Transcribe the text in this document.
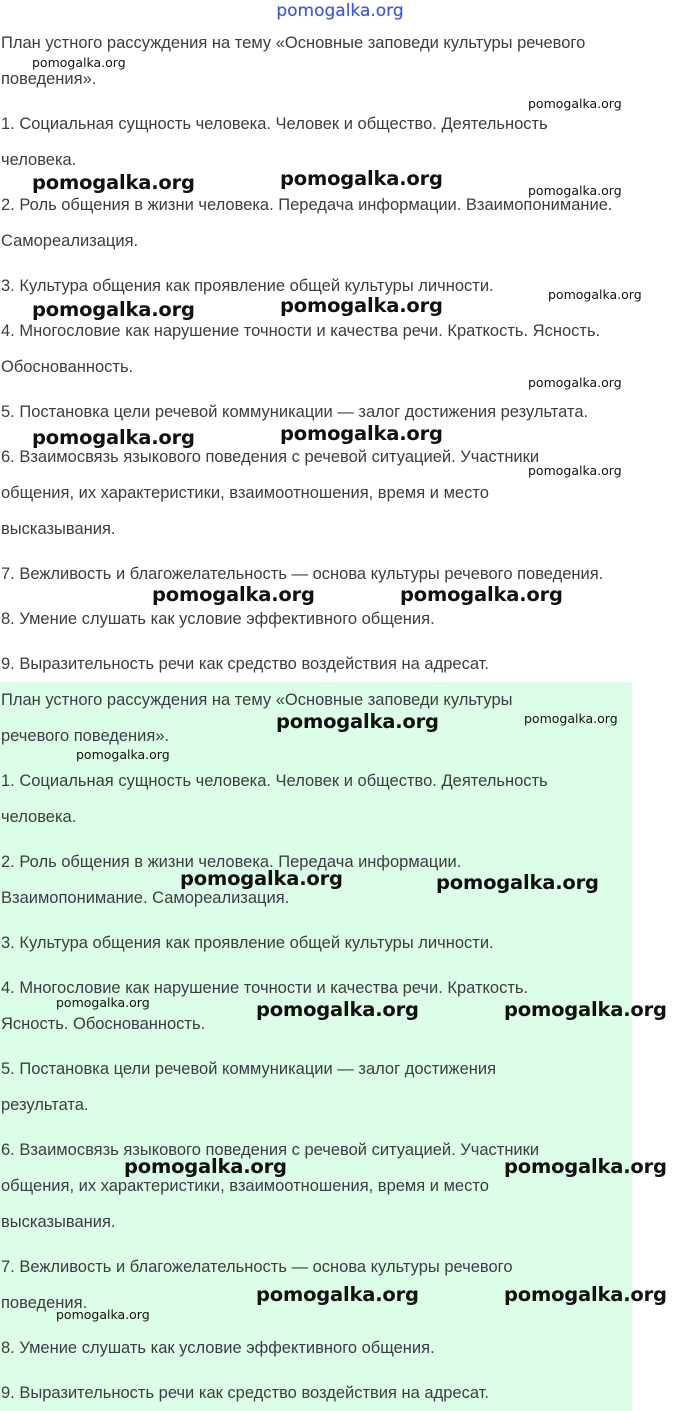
pomogalka.org
План устного рассуждения на тему «Основные заповеди культуры речевого
поведения».
1. Социальная сущность человека. Человек и общество. Деятельность
человека.
2. Роль общения в жизни человека. Передача информации. Взаимопонимание.
Самореализация.
3. Культура общения как проявление общей культуры личности.
4. Многословие как нарушение точности и качества речи. Краткость. Ясность.
Обоснованность.
5. Постановка цели речевой коммуникации — залог достижения результата.
6. Взаимосвязь языкового поведения с речевой ситуацией. Участники
общения, их характеристики, взаимоотношения, время и место
высказывания.
7. Вежливость и благожелательность — основа культуры речевого поведения.
8. Умение слушать как условие эффективного общения.
9. Выразительность речи как средство воздействия на адресат.
План устного рассуждения на тему «Основные заповеди культуры
речевого поведения».
1. Социальная сущность человека. Человек и общество. Деятельность
человека.
2. Роль общения в жизни человека. Передача информации.
Взаимопонимание. Самореализация.
3. Культура общения как проявление общей культуры личности.
4. Многословие как нарушение точности и качества речи. Краткость.
Ясность. Обоснованность.
5. Постановка цели речевой коммуникации — залог достижения
результата.
6. Взаимосвязь языкового поведения с речевой ситуацией. Участники
общения, их характеристики, взаимоотношения, время и место
высказывания.
7. Вежливость и благожелательность — основа культуры речевого
поведения.
8. Умение слушать как условие эффективного общения.
9. Выразительность речи как средство воздействия на адресат.
pomogalka.org
pomogalka.org
pomogalka.org	pomogalka.org
pomogalka.org
pomogalka.org	pomogalka.org	pomogalka.org
pomogalka.org
pomogalka.org	pomogalka.org
pomogalka.org
pomogalka.org	pomogalka.org
pomogalka.org	pomogalka.org
pomogalka.org
pomogalka.org	pomogalka.org
pomogalka.org	pomogalka.org	pomogalka.org
pomogalka.org	pomogalka.org
pomogalka.org	pomogalka.org
pomogalka.org
